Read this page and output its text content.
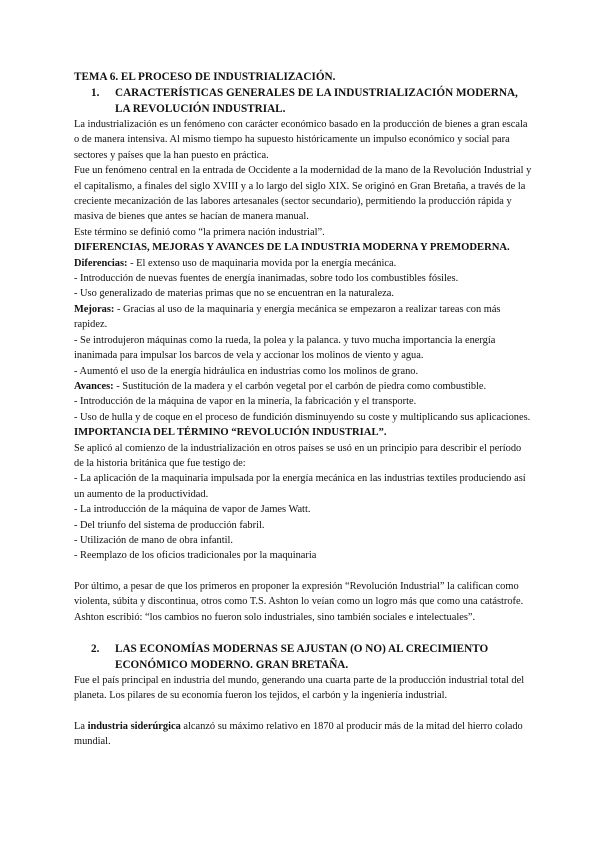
TEMA 6. EL PROCESO DE INDUSTRIALIZACIÓN.

1. CARACTERÍSTICAS GENERALES DE LA INDUSTRIALIZACIÓN MODERNA, LA REVOLUCIÓN INDUSTRIAL.

La industrialización es un fenómeno con carácter económico basado en la producción de bienes a gran escala o de manera intensiva. Al mismo tiempo ha supuesto históricamente un impulso económico y social para sectores y países que la han puesto en práctica.

Fue un fenómeno central en la entrada de Occidente a la modernidad de la mano de la Revolución Industrial y el capitalismo, a finales del siglo XVIII y a lo largo del siglo XIX. Se originó en Gran Bretaña, a través de la creciente mecanización de las labores artesanales (sector secundario), permitiendo la producción rápida y masiva de bienes que antes se hacían de manera manual.

Este término se definió como “la primera nación industrial”.

DIFERENCIAS, MEJORAS Y AVANCES DE LA INDUSTRIA MODERNA Y PREMODERNA.

Diferencias: - El extenso uso de maquinaria movida por la energía mecánica.

- Introducción de nuevas fuentes de energía inanimadas, sobre todo los combustibles fósiles.

- Uso generalizado de materias primas que no se encuentran en la naturaleza.

Mejoras: - Gracias al uso de la maquinaria y energía mecánica se empezaron a realizar tareas con más rapidez.

- Se introdujeron máquinas como la rueda, la polea y la palanca. y tuvo mucha importancia la energía inanimada para impulsar los barcos de vela y accionar los molinos de viento y agua.

- Aumentó el uso de la energía hidráulica en industrias como los molinos de grano.

Avances: - Sustitución de la madera y el carbón vegetal por el carbón de piedra como combustible.

- Introducción de la máquina de vapor en la minería, la fabricación y el transporte.

- Uso de hulla y de coque en el proceso de fundición disminuyendo su coste y multiplicando sus aplicaciones.

IMPORTANCIA DEL TÉRMINO “REVOLUCIÓN INDUSTRIAL”.

Se aplicó al comienzo de la industrialización en otros países se usó en un principio para describir el período de la historia británica que fue testigo de:

- La aplicación de la maquinaria impulsada por la energía mecánica en las industrias textiles produciendo así un aumento de la productividad.

- La introducción de la máquina de vapor de James Watt.

- Del triunfo del sistema de producción fabril.

- Utilización de mano de obra infantil.

- Reemplazo de los oficios tradicionales por la maquinaria

Por último, a pesar de que los primeros en proponer la expresión “Revolución Industrial” la califican como violenta, súbita y discontinua, otros como T.S. Ashton lo veían como un logro más que como una catástrofe. Ashton escribió: “los cambios no fueron solo industriales, sino también sociales e intelectuales”.

2. LAS ECONOMÍAS MODERNAS SE AJUSTAN (O NO) AL CRECIMIENTO ECONÓMICO MODERNO. GRAN BRETAÑA.

Fue el país principal en industria del mundo, generando una cuarta parte de la producción industrial total del planeta. Los pilares de su economía fueron los tejidos, el carbón y la ingeniería industrial.

La industria siderúrgica alcanzó su máximo relativo en 1870 al producir más de la mitad del hierro colado mundial.
